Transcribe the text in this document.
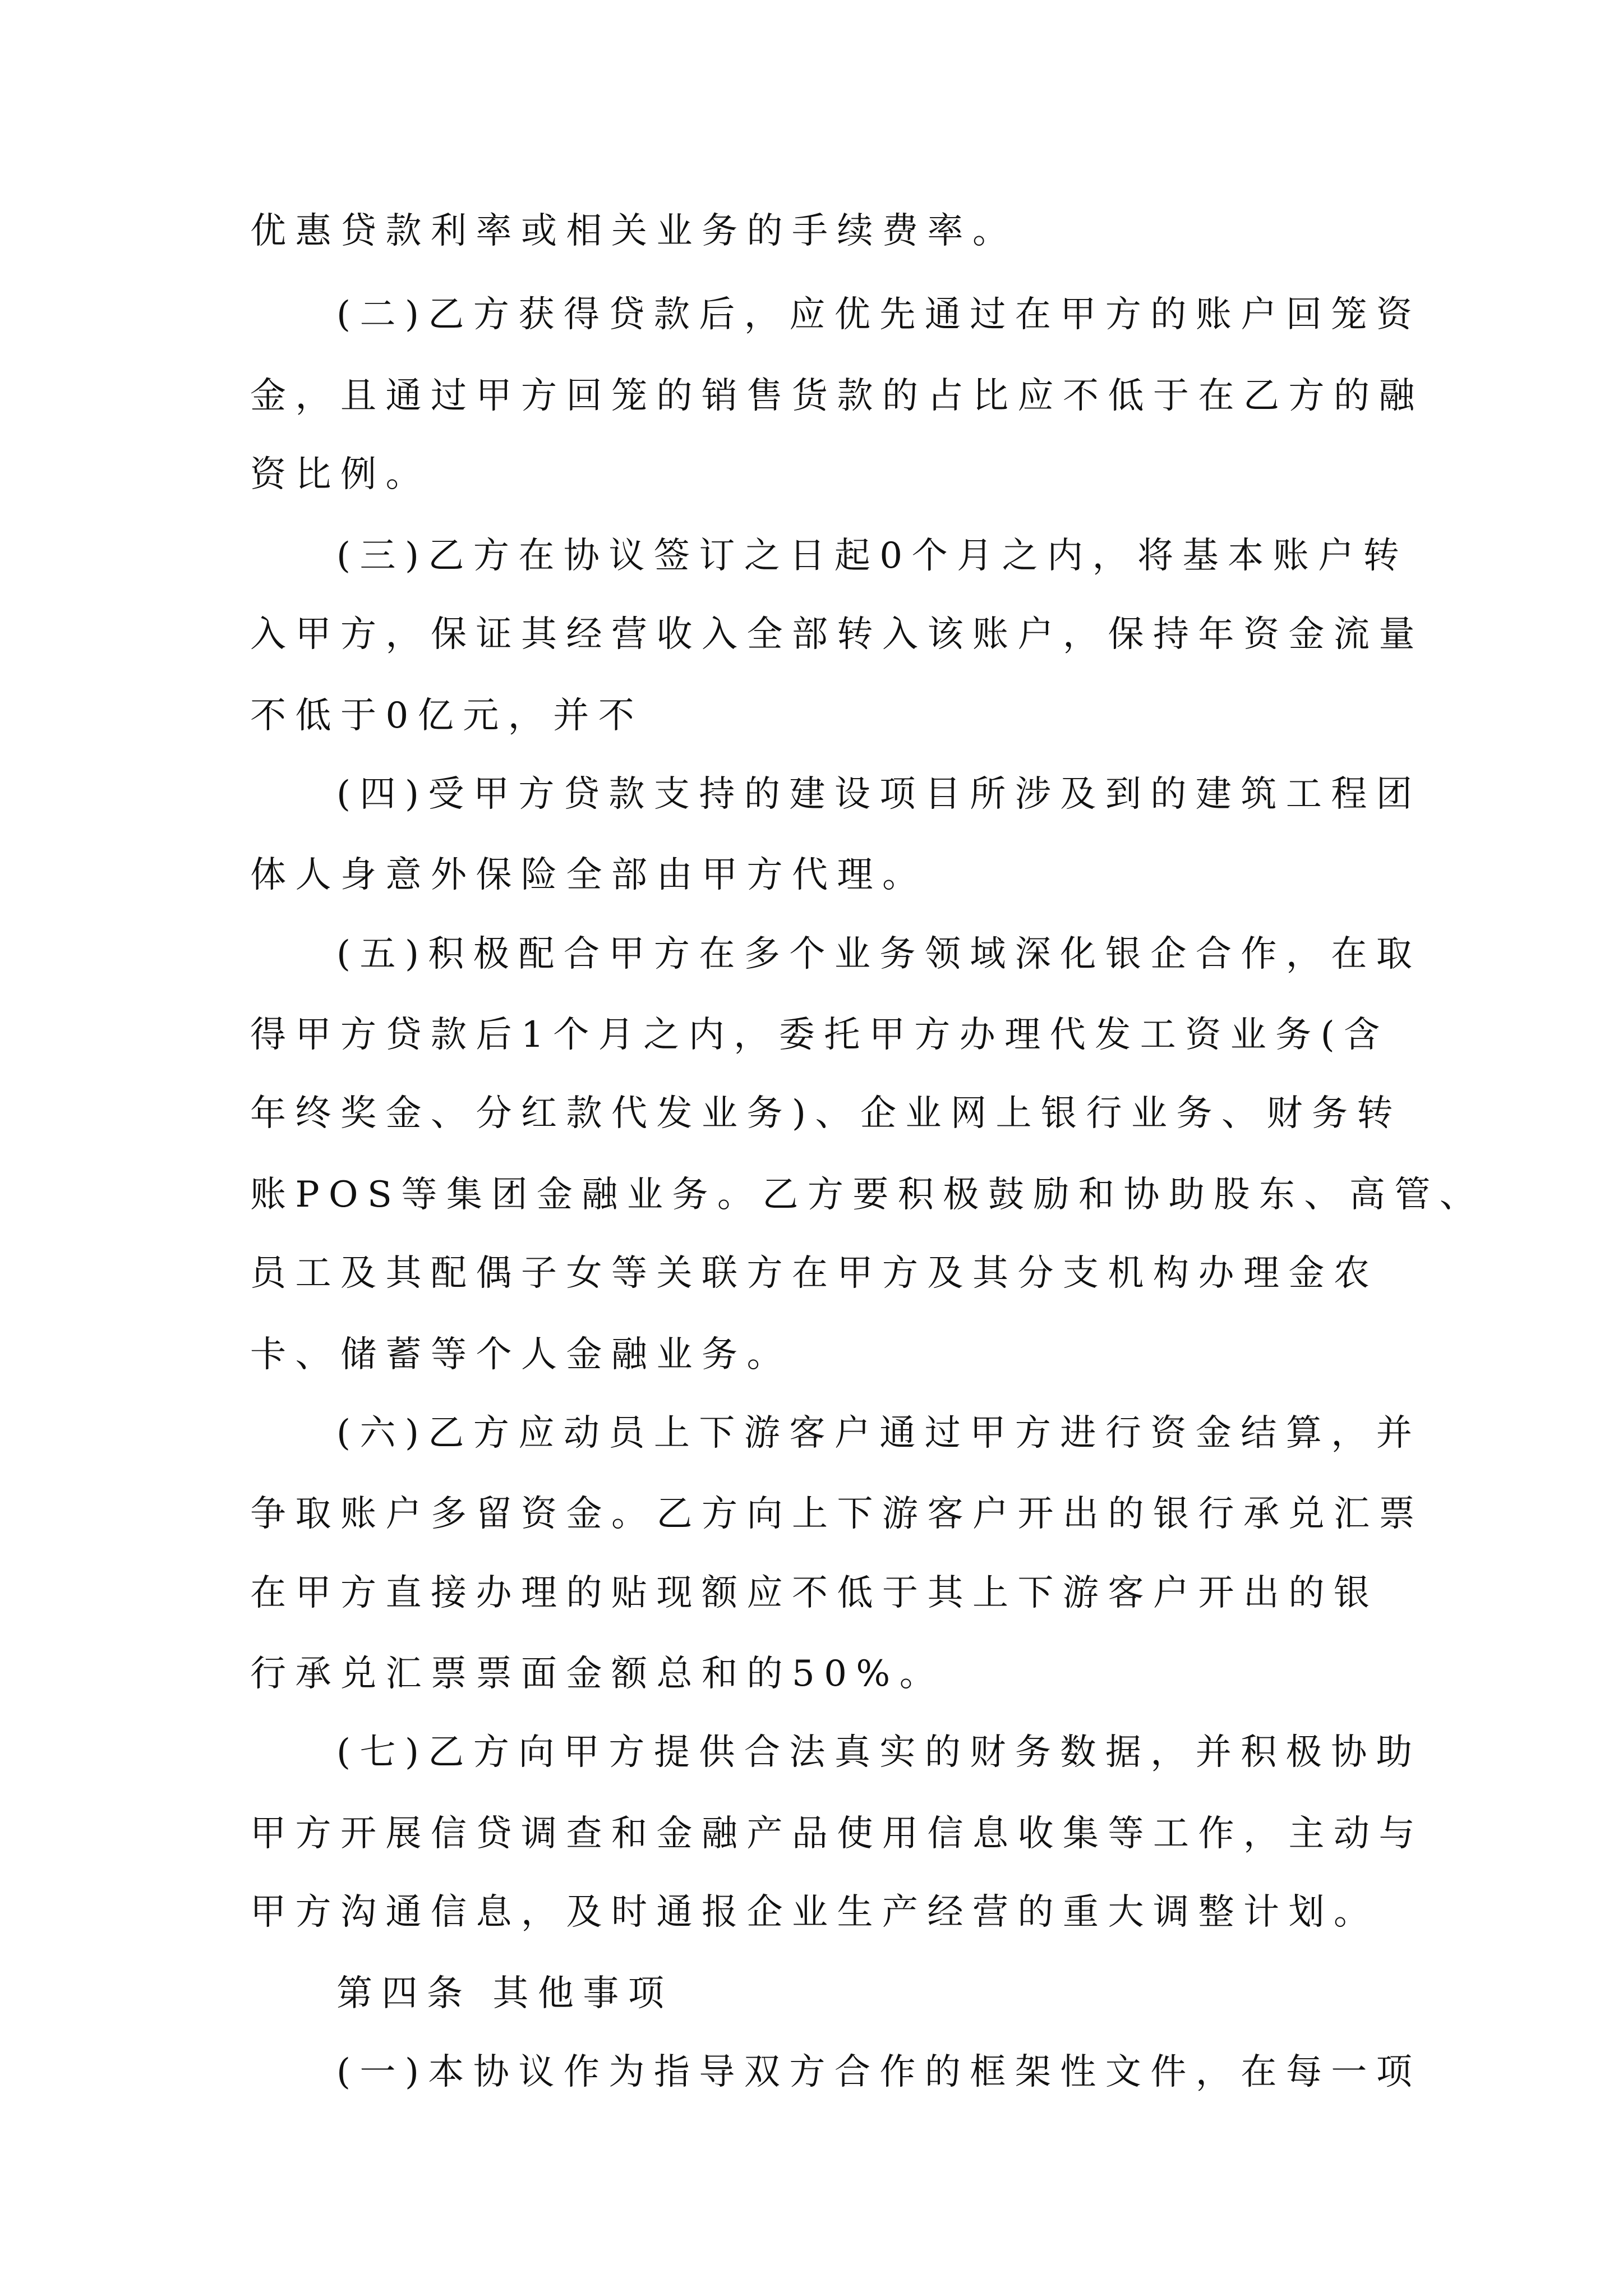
优惠贷款利率或相关业务的手续费率。
(二)乙方获得贷款后，应优先通过在甲方的账户回笼资
金，且通过甲方回笼的销售货款的占比应不低于在乙方的融
资比例。
(三)乙方在协议签订之日起0个月之内，将基本账户转
入甲方，保证其经营收入全部转入该账户，保持年资金流量
不低于0亿元，并不
(四)受甲方贷款支持的建设项目所涉及到的建筑工程团
体人身意外保险全部由甲方代理。
(五)积极配合甲方在多个业务领域深化银企合作，在取
得甲方贷款后1个月之内，委托甲方办理代发工资业务(含
年终奖金、分红款代发业务)、企业网上银行业务、财务转
账POS等集团金融业务。乙方要积极鼓励和协助股东、高管、
员工及其配偶子女等关联方在甲方及其分支机构办理金农
卡、储蓄等个人金融业务。
(六)乙方应动员上下游客户通过甲方进行资金结算，并
争取账户多留资金。乙方向上下游客户开出的银行承兑汇票
在甲方直接办理的贴现额应不低于其上下游客户开出的银
行承兑汇票票面金额总和的50%。
(七)乙方向甲方提供合法真实的财务数据，并积极协助
甲方开展信贷调查和金融产品使用信息收集等工作，主动与
甲方沟通信息，及时通报企业生产经营的重大调整计划。
第四条 其他事项
(一)本协议作为指导双方合作的框架性文件，在每一项
